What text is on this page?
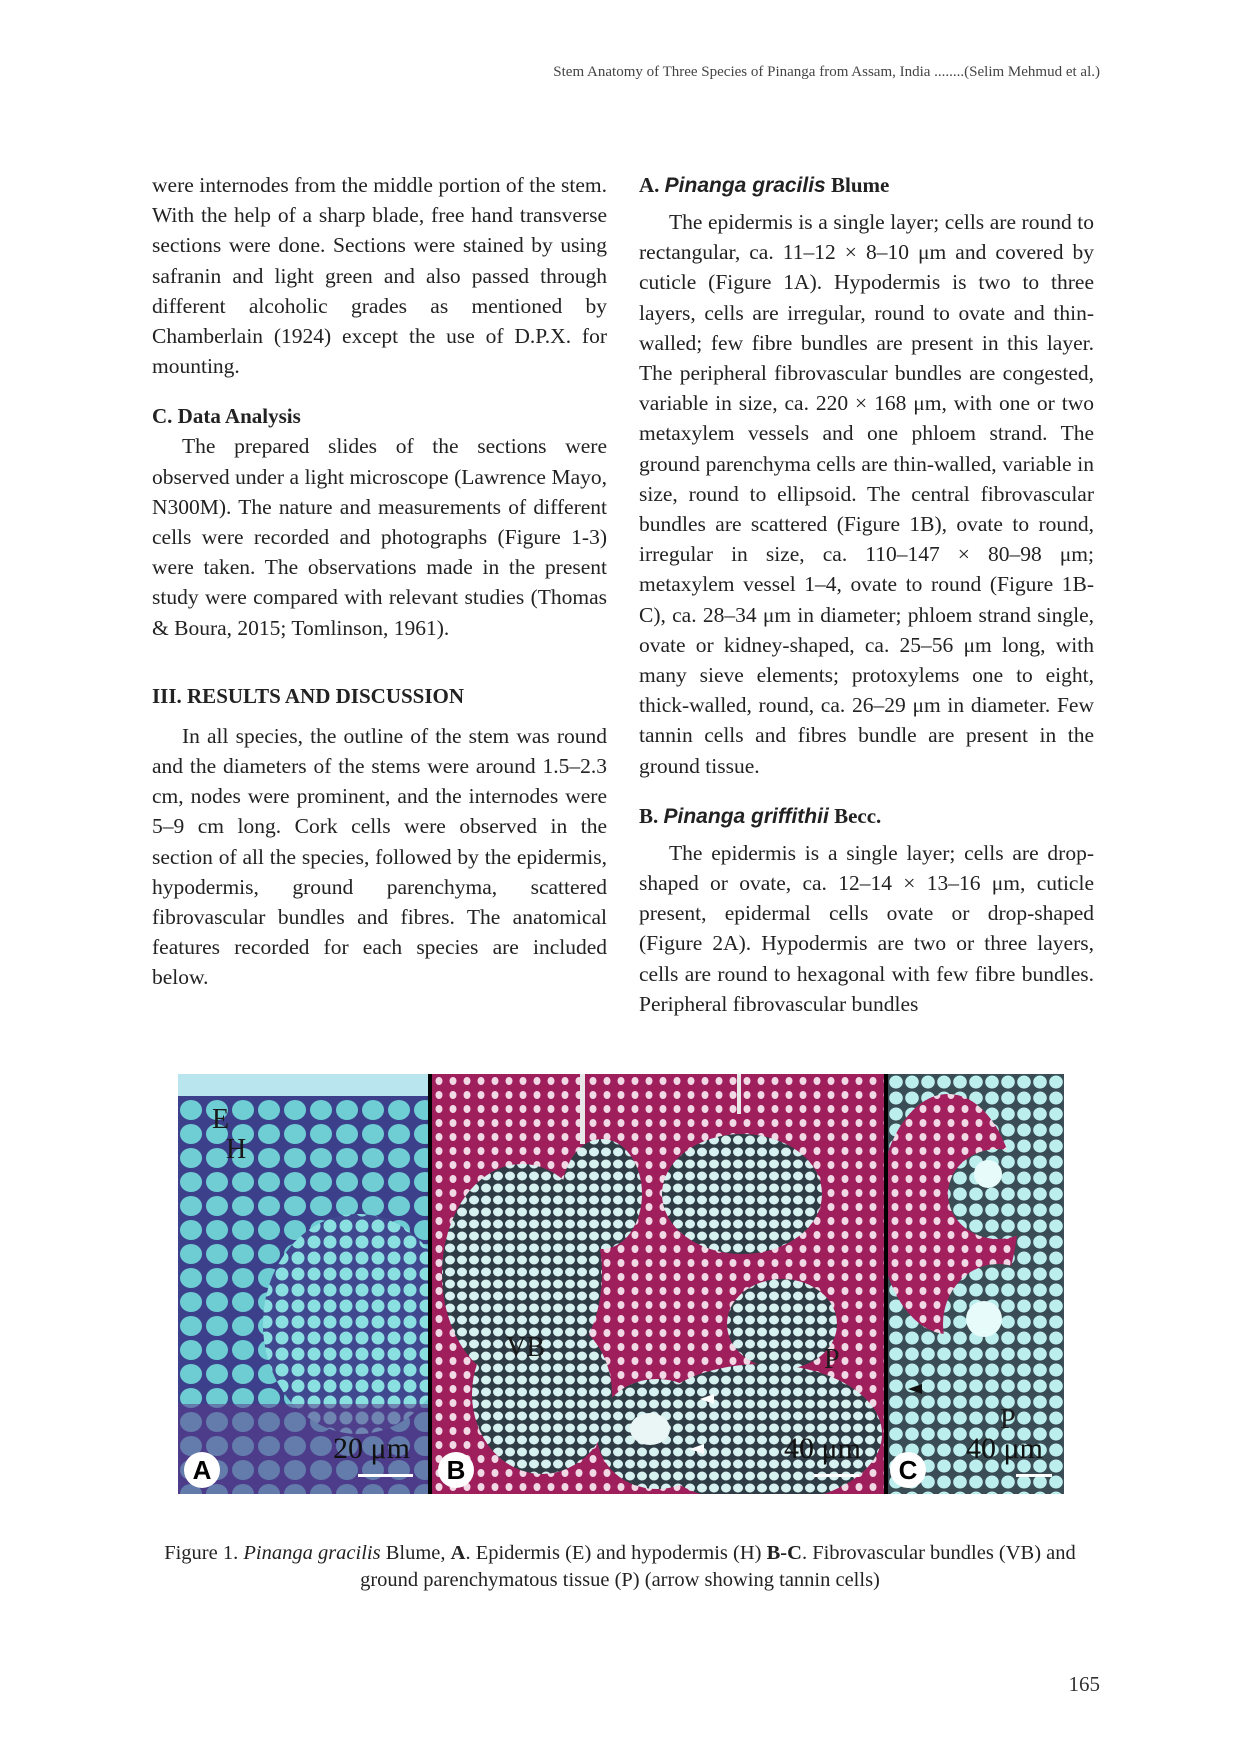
Stem Anatomy of Three Species of Pinanga from Assam, India ........(Selim Mehmud et al.)

were internodes from the middle portion of the stem. With the help of a sharp blade, free hand transverse sections were done. Sections were stained by using safranin and light green and also passed through different alcoholic grades as mentioned by Chamberlain (1924) except the use of D.P.X. for mounting.

C. Data Analysis

The prepared slides of the sections were observed under a light microscope (Lawrence Mayo, N300M). The nature and measurements of different cells were recorded and photographs (Figure 1-3) were taken. The observations made in the present study were compared with relevant studies (Thomas & Boura, 2015; Tomlinson, 1961).

III. RESULTS AND DISCUSSION

In all species, the outline of the stem was round and the diameters of the stems were around 1.5–2.3 cm, nodes were prominent, and the internodes were 5–9 cm long. Cork cells were observed in the section of all the species, followed by the epidermis, hypodermis, ground parenchyma, scattered fibrovascular bundles and fibres. The anatomical features recorded for each species are included below.

A. Pinanga gracilis Blume

The epidermis is a single layer; cells are round to rectangular, ca. 11–12 × 8–10 μm and covered by cuticle (Figure 1A). Hypodermis is two to three layers, cells are irregular, round to ovate and thin-walled; few fibre bundles are present in this layer. The peripheral fibrovascular bundles are congested, variable in size, ca. 220 × 168 μm, with one or two metaxylem vessels and one phloem strand. The ground parenchyma cells are thin-walled, variable in size, round to ellipsoid. The central fibrovascular bundles are scattered (Figure 1B), ovate to round, irregular in size, ca. 110–147 × 80–98 μm; metaxylem vessel 1–4, ovate to round (Figure 1B-C), ca. 28–34 μm in diameter; phloem strand single, ovate or kidney-shaped, ca. 25–56 μm long, with many sieve elements; protoxylems one to eight, thick-walled, round, ca. 26–29 μm in diameter. Few tannin cells and fibres bundle are present in the ground tissue.

B. Pinanga griffithii Becc.

The epidermis is a single layer; cells are drop-shaped or ovate, ca. 12–14 × 13–16 μm, cuticle present, epidermal cells ovate or drop-shaped (Figure 2A). Hypodermis are two or three layers, cells are round to hexagonal with few fibre bundles. Peripheral fibrovascular bundles

E
H
A
20 μm
VB	P
B
40 μm
P
C
40 μm
Figure 1. Pinanga gracilis Blume, A. Epidermis (E) and hypodermis (H) B-C. Fibrovascular bundles (VB) and ground parenchymatous tissue (P) (arrow showing tannin cells)
165
